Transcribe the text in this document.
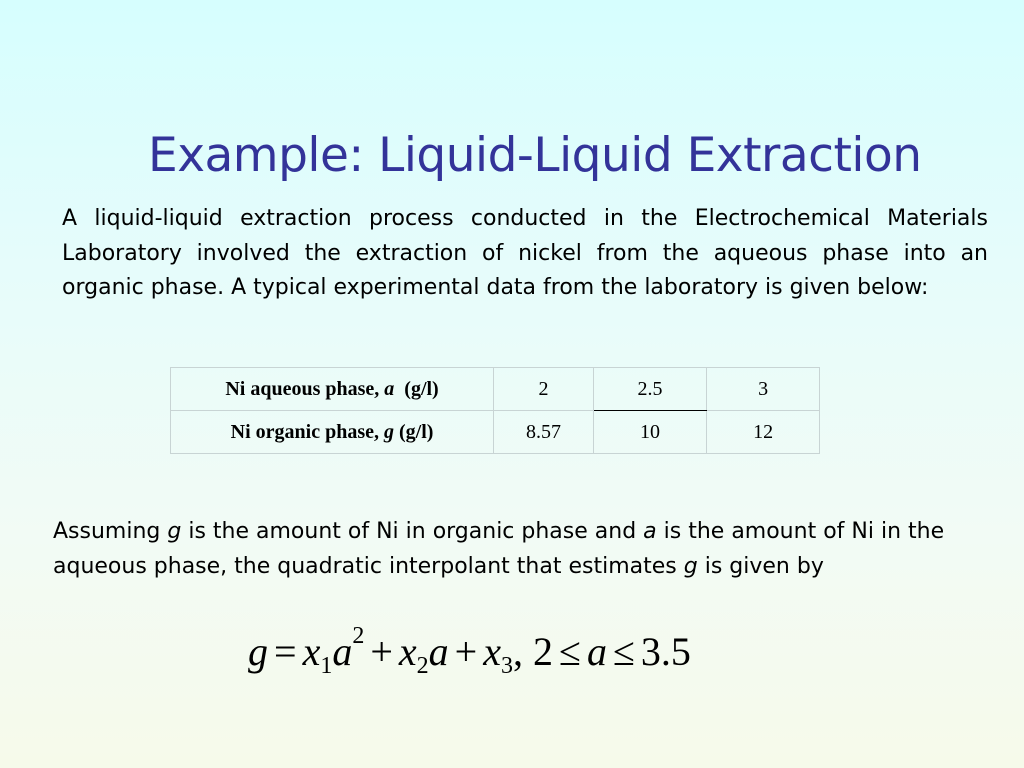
Example: Liquid-Liquid Extraction

A liquid-liquid extraction process conducted in the Electrochemical Materials Laboratory involved the extraction of nickel from the aqueous phase into an organic phase. A typical experimental data from the laboratory is given below:

Ni aqueous phase, a (g/l)	2	2.5	3
Ni organic phase, g (g/l)	8.57	10	12

Assuming g is the amount of Ni in organic phase and a is the amount of Ni in the aqueous phase, the quadratic interpolant that estimates g is given by

$g = x_1a^2 + x_2a + x_3$, 2 ≤ a ≤ 3.5
